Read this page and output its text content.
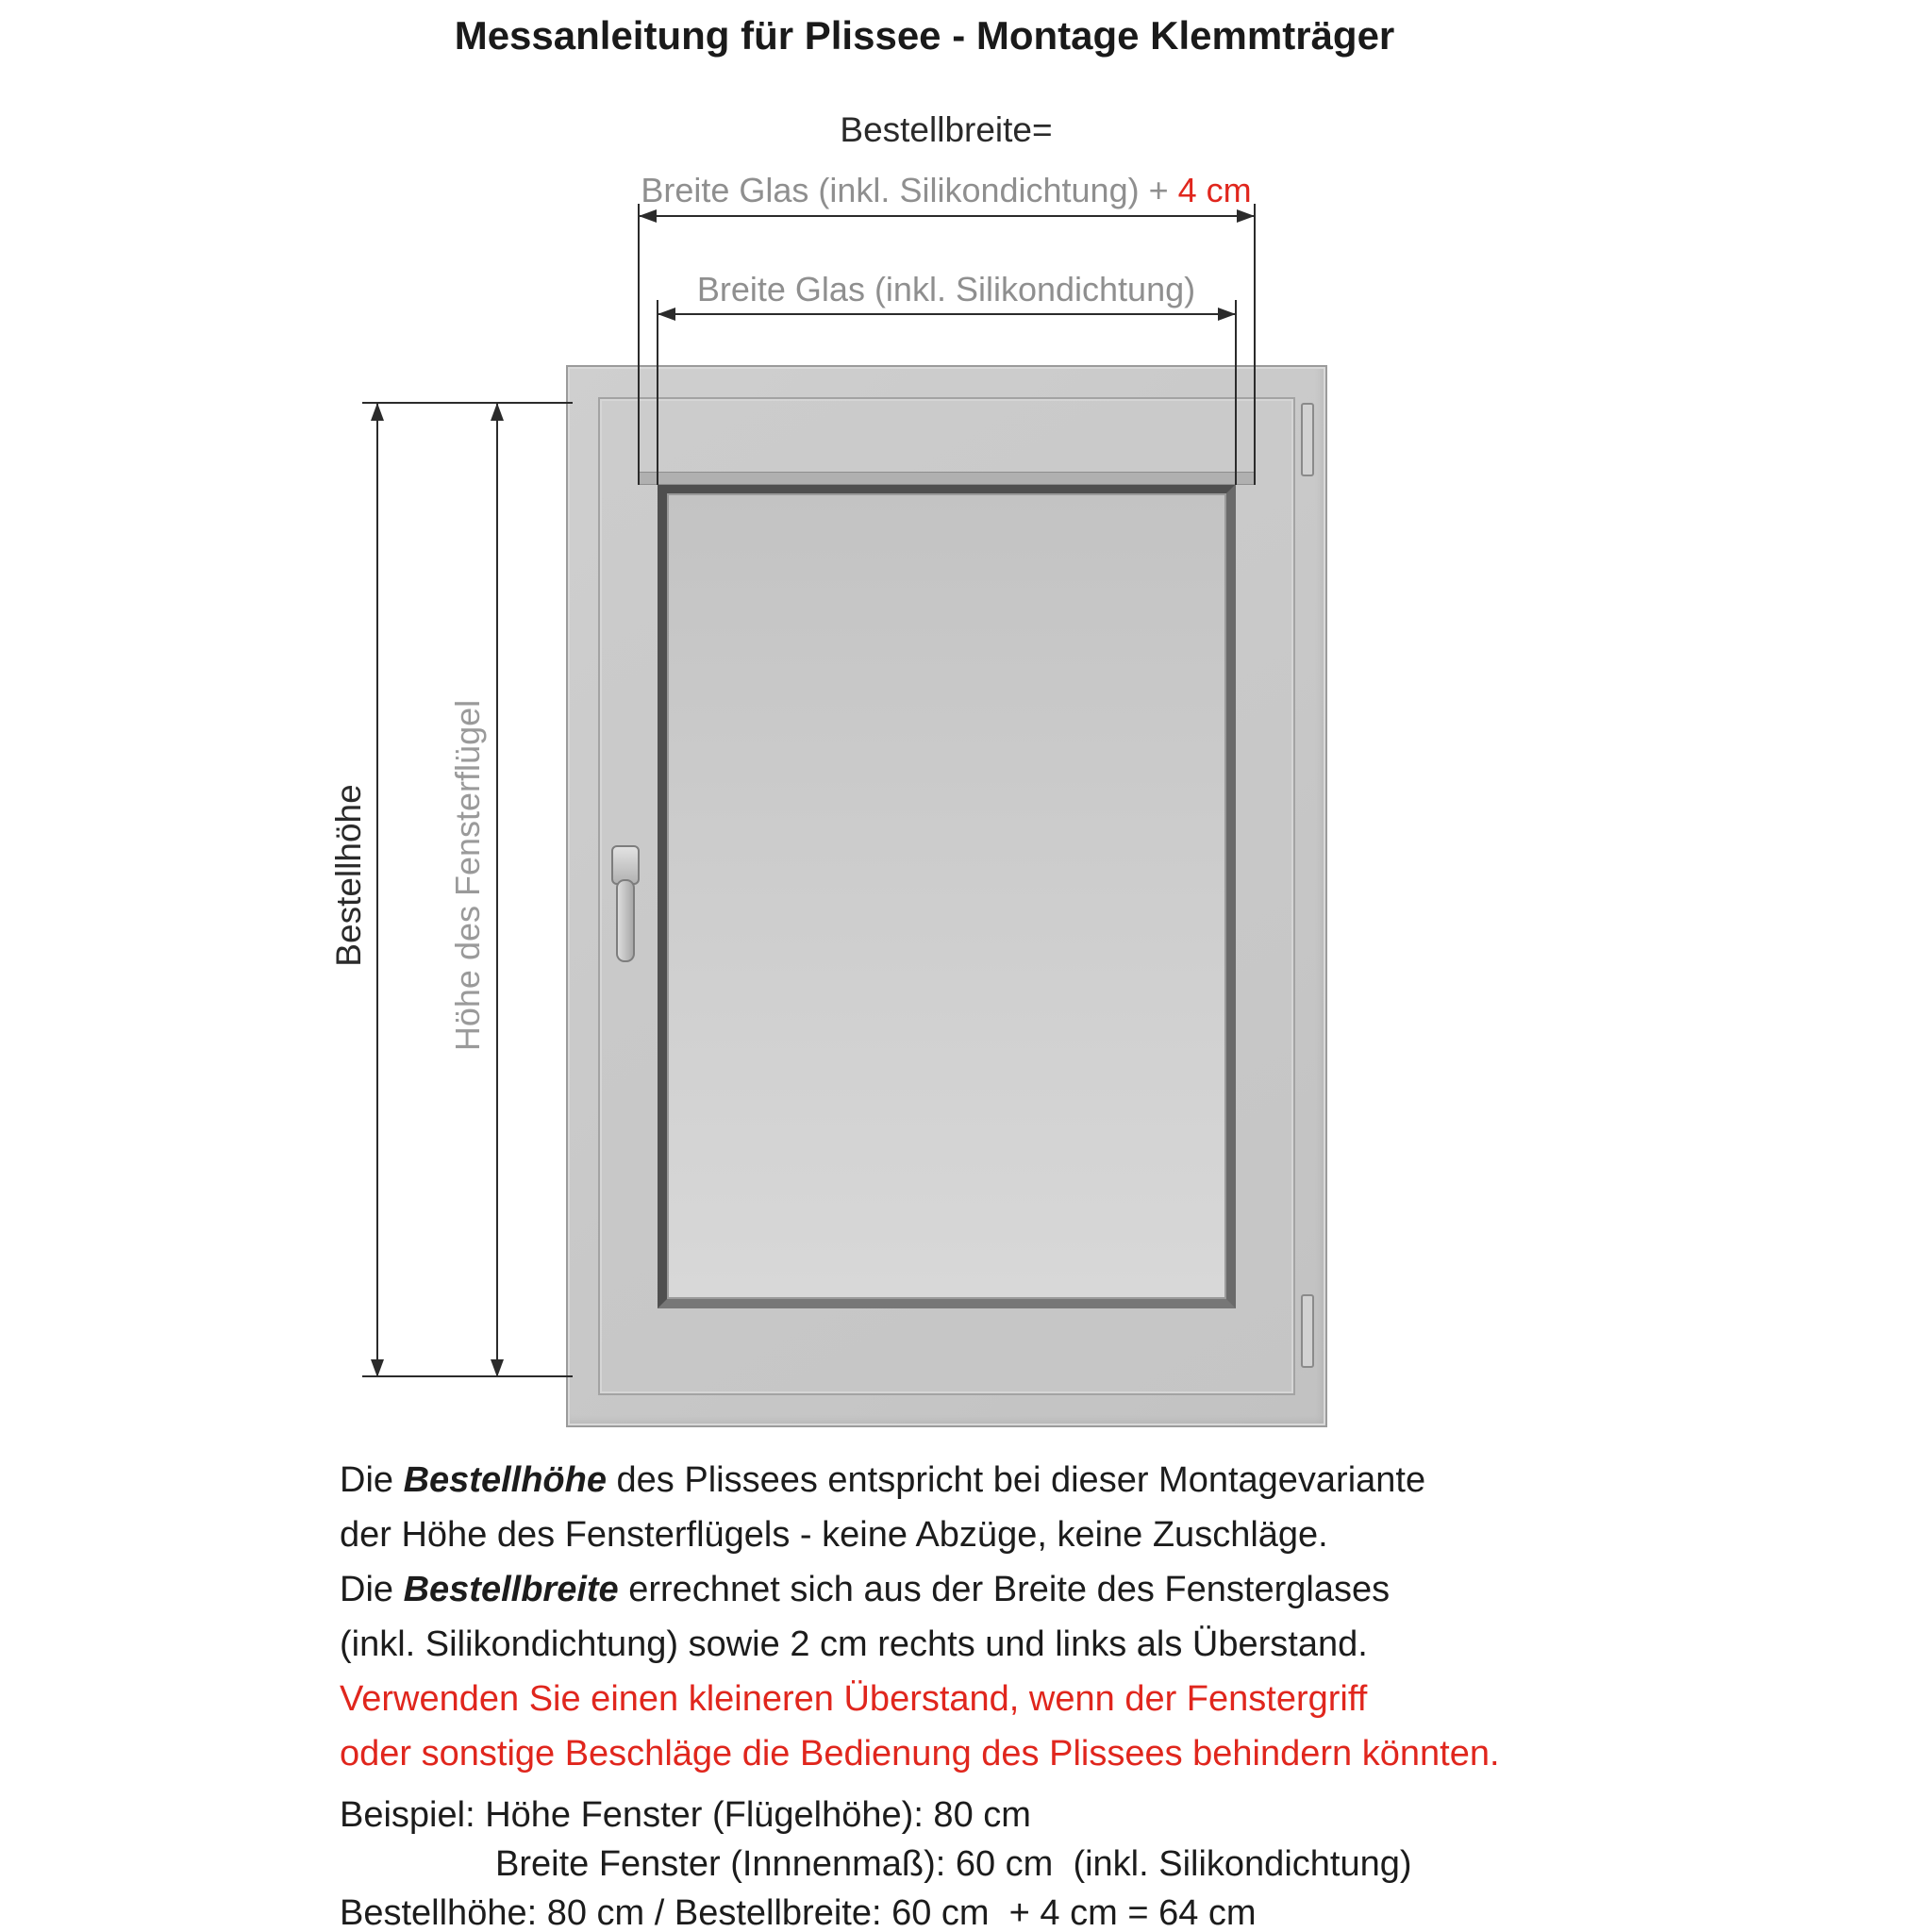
Messanleitung für Plissee - Montage Klemmträger
Bestellbreite=
Breite Glas (inkl. Silikondichtung) + 4 cm
Breite Glas (inkl. Silikondichtung)
Bestellhöhe Höhe des Fensterflügel

Die Bestellhöhe des Plissees entspricht bei dieser Montagevariante

der Höhe des Fensterflügels - keine Abzüge, keine Zuschläge.

Die Bestellbreite errechnet sich aus der Breite des Fensterglases

(inkl. Silikondichtung) sowie 2 cm rechts und links als Überstand.

Verwenden Sie einen kleineren Überstand, wenn der Fenstergriff

oder sonstige Beschläge die Bedienung des Plissees behindern könnten.

Beispiel: Höhe Fenster (Flügelhöhe): 80 cm

Breite Fenster (Innnenmaß): 60 cm  (inkl. Silikondichtung)

Bestellhöhe: 80 cm / Bestellbreite: 60 cm  + 4 cm = 64 cm
